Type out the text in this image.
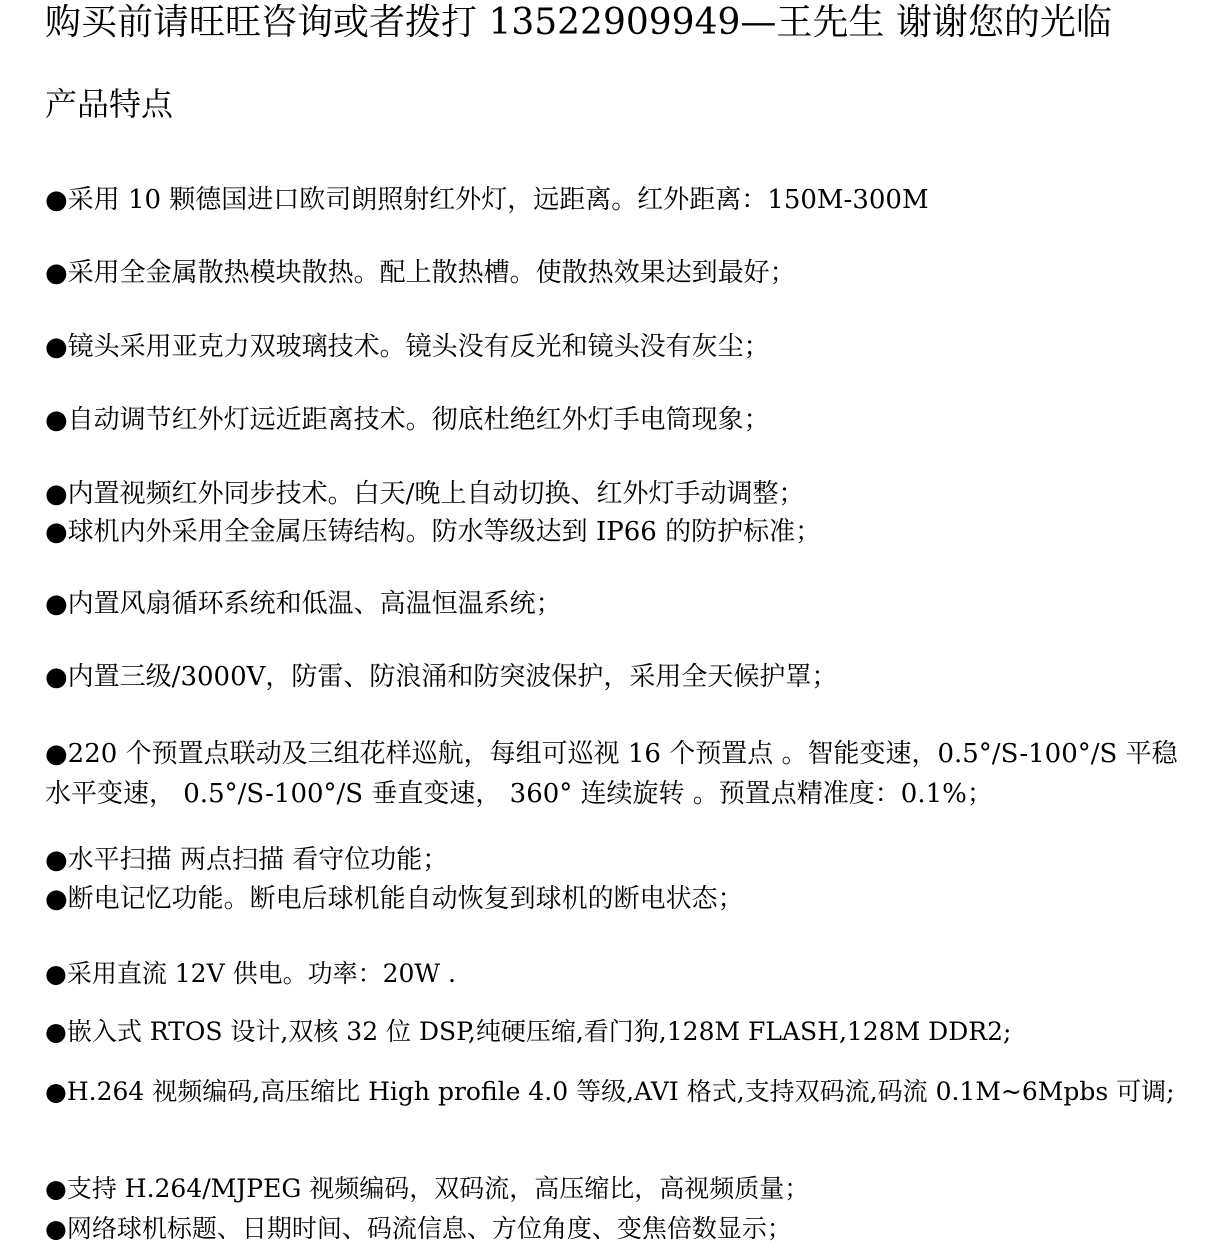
购买前请旺旺咨询或者拨打 13522909949—王先生 谢谢您的光临
产品特点
●采用 10 颗德国进口欧司朗照射红外灯，远距离。红外距离：150M-300M
●采用全金属散热模块散热。配上散热槽。使散热效果达到最好；
●镜头采用亚克力双玻璃技术。镜头没有反光和镜头没有灰尘；
●自动调节红外灯远近距离技术。彻底杜绝红外灯手电筒现象；
●内置视频红外同步技术。白天/晚上自动切换、红外灯手动调整；
●球机内外采用全金属压铸结构。防水等级达到 IP66 的防护标准；
●内置风扇循环系统和低温、高温恒温系统；
●内置三级/3000V，防雷、防浪涌和防突波保护，采用全天候护罩；
●220 个预置点联动及三组花样巡航，每组可巡视 16 个预置点 。智能变速，0.5°/S-100°/S 平稳水平变速， 0.5°/S-100°/S 垂直变速， 360° 连续旋转 。预置点精准度：0.1%；
●水平扫描 两点扫描 看守位功能；
●断电记忆功能。断电后球机能自动恢复到球机的断电状态；
●采用直流 12V 供电。功率：20W .
●嵌入式 RTOS 设计,双核 32 位 DSP,纯硬压缩,看门狗,128M FLASH,128M DDR2;
●H.264 视频编码,高压缩比 High profile 4.0 等级,AVI 格式,支持双码流,码流 0.1M~6Mpbs 可调;
●支持 H.264/MJPEG 视频编码，双码流，高压缩比，高视频质量；
●网络球机标题、日期时间、码流信息、方位角度、变焦倍数显示；
